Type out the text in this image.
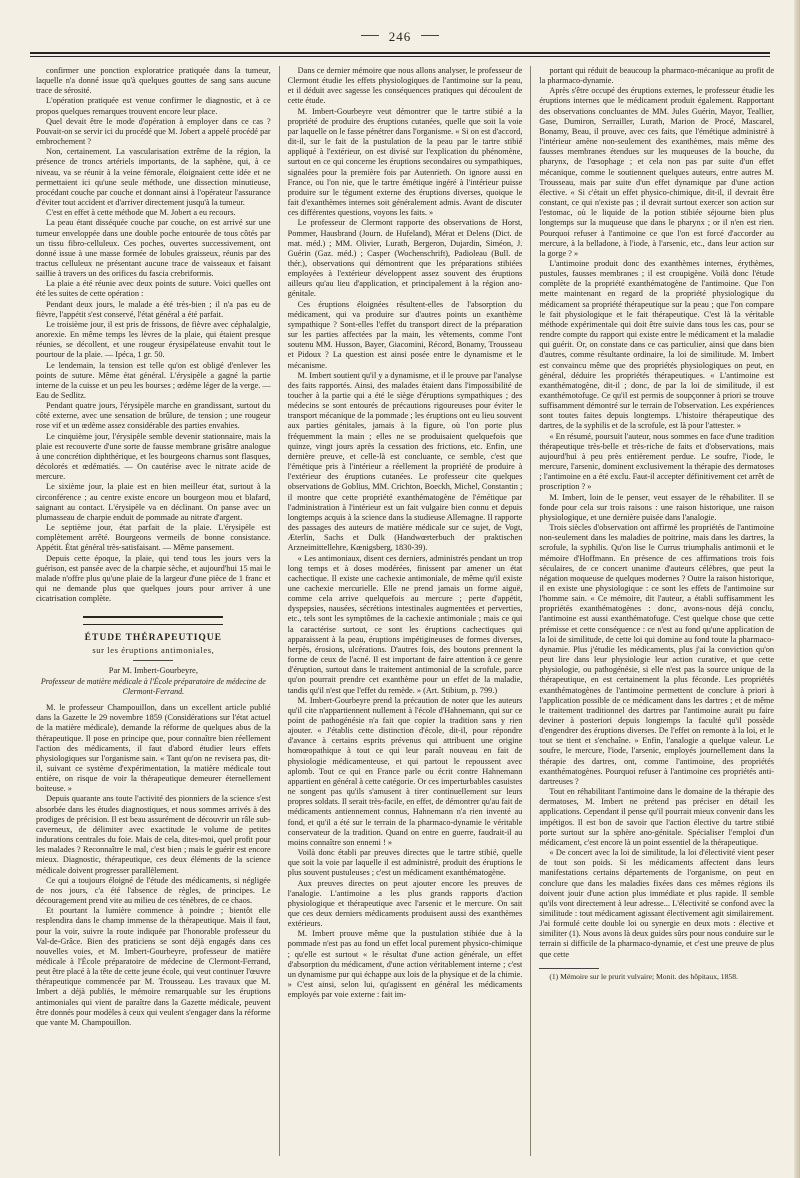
246

confirmer une ponction exploratrice pratiquée dans la tumeur, laquelle n'a donné issue qu'à quelques gouttes de sang sans aucune trace de sérosité.

L'opération pratiquée est venue confirmer le diagnostic, et à ce propos quelques remarques trouvent encore leur place.

Quel devait être le mode d'opération à employer dans ce cas ? Pouvait-on se servir ici du procédé que M. Jobert a appelé procédé par embrochement ?

Non, certainement. La vascularisation extrême de la région, la présence de troncs artériels importants, de la saphène, qui, à ce niveau, va se réunir à la veine fémorale, éloignaient cette idée et ne permettaient ici qu'une seule méthode, une dissection minutieuse, procédant couche par couche et donnant ainsi à l'opérateur l'assurance d'éviter tout accident et d'arriver directement jusqu'à la tumeur.

C'est en effet à cette méthode que M. Jobert a eu recours.

La peau étant disséquée couche par couche, on est arrivé sur une tumeur enveloppée dans une double poche entourée de tous côtés par un tissu fibro-celluleux. Ces poches, ouvertes successivement, ont donné issue à une masse formée de lobules graisseux, réunis par des tractus celluleux ne présentant aucune trace de vaisseaux et faisant saillie à travers un des orifices du fascia crebriformis.

La plaie a été réunie avec deux points de suture. Voici quelles ont été les suites de cette opération :

Pendant deux jours, le malade a été très-bien ; il n'a pas eu de fièvre, l'appétit s'est conservé, l'état général a été parfait.

Le troisième jour, il est pris de frissons, de fièvre avec céphalalgie, anorexie. En même temps les lèvres de la plaie, qui étaient presque réunies, se décollent, et une rougeur érysipélateuse envahit tout le pourtour de la plaie. — Ipéca, 1 gr. 50.

Le lendemain, la tension est telle qu'on est obligé d'enlever les points de suture. Même état général. L'érysipèle a gagné la partie interne de la cuisse et un peu les bourses ; œdème léger de la verge. — Eau de Sedlitz.

Pendant quatre jours, l'érysipèle marche en grandissant, surtout du côté externe, avec une sensation de brûlure, de tension ; une rougeur rose vif et un œdème assez considérable des parties envahies.

Le cinquième jour, l'érysipèle semble devenir stationnaire, mais la plaie est recouverte d'une sorte de fausse membrane grisâtre analogue à une concrétion diphthérique, et les bourgeons charnus sont flasques, décolorés et œdématiés. — On cautérise avec le nitrate acide de mercure.

Le sixième jour, la plaie est en bien meilleur état, surtout à la circonférence ; au centre existe encore un bourgeon mou et blafard, saignant au contact. L'érysipèle va en déclinant. On panse avec un plumasseau de charpie enduit de pommade au nitrate d'argent.

Le septième jour, état parfait de la plaie. L'érysipèle est complètement arrêté. Bourgeons vermeils de bonne consistance. Appétit. État général très-satisfaisant. — Même pansement.

Depuis cette époque, la plaie, qui tend tous les jours vers la guérison, est pansée avec de la charpie sèche, et aujourd'hui 15 mai le malade n'offre plus qu'une plaie de la largeur d'une pièce de 1 franc et qui ne demande plus que quelques jours pour arriver à une cicatrisation complète.

ÉTUDE THÉRAPEUTIQUE
sur les éruptions antimoniales,
Par M. Imbert-Gourbeyre,
Professeur de matière médicale à l'École préparatoire de médecine de Clermont-Ferrand.

M. le professeur Champouillon, dans un excellent article publié dans la Gazette le 29 novembre 1859 (Considérations sur l'état actuel de la matière médicale), demande la réforme de quelques abus de la thérapeutique. Il pose en principe que, pour connaître bien réellement l'action des médicaments, il faut d'abord étudier leurs effets physiologiques sur l'organisme sain. « Tant qu'on ne revisera pas, dit-il, suivant ce système d'expérimentation, la matière médicale tout entière, on risque de voir la thérapeutique demeurer éternellement boiteuse. »

Depuis quarante ans toute l'activité des pionniers de la science s'est absorbée dans les études diagnostiques, et nous sommes arrivés à des prodiges de précision. Il est beau assurément de découvrir un râle sub-caverneux, de délimiter avec exactitude le volume de petites indurations centrales du foie. Mais de cela, dites-moi, quel profit pour les malades ? Reconnaître le mal, c'est bien ; mais le guérir est encore mieux. Diagnostic, thérapeutique, ces deux éléments de la science médicale doivent progresser parallèlement.

Ce qui a toujours éloigné de l'étude des médicaments, si négligée de nos jours, c'a été l'absence de règles, de principes. Le découragement prend vite au milieu de ces ténèbres, de ce chaos.

Et pourtant la lumière commence à poindre ; bientôt elle resplendira dans le champ immense de la thérapeutique. Mais il faut, pour la voir, suivre la route indiquée par l'honorable professeur du Val-de-Grâce. Bien des praticiens se sont déjà engagés dans ces nouvelles voies, et M. Imbert-Gourbeyre, professeur de matière médicale à l'École préparatoire de médecine de Clermont-Ferrand, peut être placé à la tête de cette jeune école, qui veut continuer l'œuvre thérapeutique commencée par M. Trousseau. Les travaux que M. Imbert a déjà publiés, le mémoire remarquable sur les éruptions antimoniales qui vient de paraître dans la Gazette médicale, peuvent être donnés pour modèles à ceux qui veulent s'engager dans la réforme que vante M. Champouillon.

Dans ce dernier mémoire que nous allons analyser, le professeur de Clermont étudie les effets physiologiques de l'antimoine sur la peau, et il déduit avec sagesse les conséquences pratiques qui découlent de cette étude.

M. Imbert-Gourbeyre veut démontrer que le tartre stibié a la propriété de produire des éruptions cutanées, quelle que soit la voie par laquelle on le fasse pénétrer dans l'organisme. « Si on est d'accord, dit-il, sur le fait de la pustulation de la peau par le tartre stibié appliqué à l'extérieur, on est divisé sur l'explication du phénomène, surtout en ce qui concerne les éruptions secondaires ou sympathiques, signalées pour la première fois par Autenrieth. On ignore aussi en France, ou l'on nie, que le tartre émétique ingéré à l'intérieur puisse produire sur le tégument externe des éruptions diverses, quoique le fait d'exanthèmes internes soit généralement admis. Avant de discuter ces différentes questions, voyons les faits. »

Le professeur de Clermont rapporte des observations de Horst, Pommer, Hausbrand (Journ. de Hufeland), Mérat et Delens (Dict. de mat. méd.) ; MM. Olivier, Lurath, Bergeron, Dujardin, Siméon, J. Guérin (Gaz. méd.) ; Casper (Wochenschrift), Padioleau (Bull. de thér.), observations qui démontrent que les préparations stibiées employées à l'extérieur développent assez souvent des éruptions ailleurs qu'au lieu d'application, et principalement à la région ano-génitale.

Ces éruptions éloignées résultent-elles de l'absorption du médicament, qui va produire sur d'autres points un exanthème sympathique ? Sont-elles l'effet du transport direct de la préparation sur les parties affectées par la main, les vêtements, comme l'ont soutenu MM. Husson, Bayer, Giacomini, Récord, Bonamy, Trousseau et Pidoux ? La question est ainsi posée entre le dynamisme et le mécanisme.

M. Imbert soutient qu'il y a dynamisme, et il le prouve par l'analyse des faits rapportés. Ainsi, des malades étaient dans l'impossibilité de toucher à la partie qui a été le siège d'éruptions sympathiques ; des médecins se sont entourés de précautions rigoureuses pour éviter le transport mécanique de la pommade ; les éruptions ont eu lieu souvent aux parties génitales, jamais à la figure, où l'on porte plus fréquemment la main ; elles ne se produisaient quelquefois que quinze, vingt jours après la cessation des frictions, etc. Enfin, une dernière preuve, et celle-là est concluante, ce semble, c'est que l'émétique pris à l'intérieur a réellement la propriété de produire à l'extérieur des éruptions cutanées. Le professeur cite quelques observations de Goblius, MM. Crichton, Boeckh, Michel, Constantin ; il montre que cette propriété exanthématogène de l'émétique par l'administration à l'intérieur est un fait vulgaire bien connu et depuis longtemps acquis à la science dans la studieuse Allemagne. Il rapporte des passages des auteurs de matière médicale sur ce sujet, de Vogt, Æterlin, Sachs et Dulk (Handwœrterbuch der praktischen Arzneimittellehre, Kœnigsberg, 1830-39).

« Les antimoniaux, disent ces derniers, administrés pendant un trop long temps et à doses modérées, finissent par amener un état cachectique. Il existe une cachexie antimoniale, de même qu'il existe une cachexie mercurielle. Elle ne prend jamais un forme aiguë, comme cela arrive quelquefois au mercure ; perte d'appétit, dyspepsies, nausées, sécrétions intestinales augmentées et perverties, etc., tels sont les symptômes de la cachexie antimoniale ; mais ce qui la caractérise surtout, ce sont les éruptions cachectiques qui apparaissent à la peau, éruptions impétigineuses de formes diverses, herpès, érosions, ulcérations. D'autres fois, des boutons prennent la forme de ceux de l'acné. Il est important de faire attention à ce genre d'éruption, surtout dans le traitement antimonial de la scrofule, parce qu'on pourrait prendre cet exanthème pour un effet de la maladie, tandis qu'il n'est que l'effet du remède. » (Art. Stibium, p. 799.)

M. Imbert-Gourbeyre prend la précaution de noter que les auteurs qu'il cite n'appartiennent nullement à l'école d'Hahnemann, qui sur ce point de pathogénésie n'a fait que copier la tradition sans y rien ajouter. « J'établis cette distinction d'école, dit-il, pour répondre d'avance à certains esprits prévenus qui attribuent une origine homœopathique à tout ce qui leur paraît nouveau en fait de physiologie médicamenteuse, et qui partout le repoussent avec aplomb. Tout ce qui en France parle ou écrit contre Hahnemann appartient en général à cette catégorie. Or ces imperturbables casuistes ne songent pas qu'ils s'amusent à tirer continuellement sur leurs propres soldats. Il serait très-facile, en effet, de démontrer qu'au fait de médicaments antiennement connus, Hahnemann n'a rien inventé au fond, et qu'il a été sur le terrain de la pharmaco-dynamie le véritable conservateur de la tradition. Quand on entre en guerre, faudrait-il au moins connaître son ennemi ! »

Voilà donc établi par preuves directes que le tartre stibié, quelle que soit la voie par laquelle il est administré, produit des éruptions le plus souvent pustuleuses ; c'est un médicament exanthématogène.

Aux preuves directes on peut ajouter encore les preuves de l'analogie. L'antimoine a les plus grands rapports d'action physiologique et thérapeutique avec l'arsenic et le mercure. On sait que ces deux derniers médicaments produisent aussi des exanthèmes extérieurs.

M. Imbert prouve même que la pustulation stibiée due à la pommade n'est pas au fond un effet local purement physico-chimique ; qu'elle est surtout « le résultat d'une action générale, un effet d'absorption du médicament, d'une action véritablement interne ; c'est un dynamisme pur qui échappe aux lois de la physique et de la chimie. » C'est ainsi, selon lui, qu'agissent en général les médicaments employés par voie externe : fait im-

portant qui réduit de beaucoup la pharmaco-mécanique au profit de la pharmaco-dynamie.

Après s'être occupé des éruptions externes, le professeur étudie les éruptions internes que le médicament produit également. Rapportant des observations concluantes de MM. Jules Guérin, Mayor, Teallier, Gase, Dumiron, Serrailler, Lurath, Marion de Procé, Mascarel, Bonamy, Beau, il prouve, avec ces faits, que l'émétique administré à l'intérieur amène non-seulement des exanthèmes, mais même des fausses membranes étendues sur les muqueuses de la bouche, du pharynx, de l'œsophage ; et cela non pas par suite d'un effet mécanique, comme le soutiennent quelques auteurs, entre autres M. Trousseau, mais par suite d'un effet dynamique par d'une action élective. « Si c'était un effet physico-chimique, dit-il, il devrait être constant, ce qui n'existe pas ; il devrait surtout exercer son action sur l'estomac, où le liquide de la potion stibiée séjourne bien plus longtemps sur la muqueuse que dans le pharynx ; or il n'en est rien. Pourquoi refuser à l'antimoine ce que l'on est forcé d'accorder au mercure, à la belladone, à l'iode, à l'arsenic, etc., dans leur action sur la gorge ? »

L'antimoine produit donc des exanthèmes internes, érythèmes, pustules, fausses membranes ; il est croupigène. Voilà donc l'étude complète de la propriété exanthématogène de l'antimoine. Que l'on mette maintenant en regard de la propriété physiologique du médicament sa propriété thérapeutique sur la peau ; que l'on compare le fait physiologique et le fait thérapeutique. C'est là la véritable méthode expérimentale qui doit être suivie dans tous les cas, pour se rendre compte du rapport qui existe entre le médicament et la maladie qui guérit. Or, on constate dans ce cas particulier, ainsi que dans bien d'autres, comme résultante ordinaire, la loi de similitude. M. Imbert est convaincu même que des propriétés physiologiques on peut, en général, déduire les propriétés thérapeutiques. « L'antimoine est exanthématogène, dit-il ; donc, de par la loi de similitude, il est exanthémotofuge. Ce qu'il est permis de soupçonner à priori se trouve suffisamment démontré sur le terrain de l'observation. Les expériences sont toutes faites depuis longtemps. L'histoire thérapeutique des dartres, de la syphilis et de la scrofule, est là pour l'attester. »

« En résumé, poursuit l'auteur, nous sommes en face d'une tradition thérapeutique très-belle et très-riche de faits et d'observations, mais aujourd'hui à peu près entièrement perdue. Le soufre, l'iode, le mercure, l'arsenic, dominent exclusivement la thérapie des dermatoses ; l'antimoine en a été exclu. Faut-il accepter définitivement cet arrêt de proscription ? »

M. Imbert, loin de le penser, veut essayer de le réhabiliter. Il se fonde pour cela sur trois raisons : une raison historique, une raison physiologique, et une dernière puisée dans l'analogie.

Trois siècles d'observation ont affirmé les propriétés de l'antimoine non-seulement dans les maladies de poitrine, mais dans les dartres, la scrofule, la syphilis. Qu'on lise le Currus triumphalis antimonii et le mémoire d'Hoffmann. En présence de ces affirmations trois fois séculaires, de ce concert unanime d'auteurs célèbres, que peut la négation moqueuse de quelques modernes ? Outre la raison historique, il en existe une physiologique : ce sont les effets de l'antimoine sur l'homme sain. « Ce mémoire, dit l'auteur, a établi suffisamment les propriétés exanthématogènes : donc, avons-nous déjà conclu, l'antimoine est aussi exanthématofuge. C'est quelque chose que cette prémisse et cette conséquence : ce n'est au fond qu'une application de la loi de similitude, de cette loi qui domine au fond toute la pharmaco-dynamie. Plus j'étudie les médicaments, plus j'ai la conviction qu'on peut lire dans leur physiologie leur action curative, et que cette physiologie, ou pathogénésie, si elle n'est pas la source unique de la thérapeutique, en est certainement la plus féconde. Les propriétés exanthématogènes de l'antimoine permettent de conclure à priori à l'application possible de ce médicament dans les dartres ; et de même le traitement traditionnel des dartres par l'antimoine aurait pu faire deviner à posteriori depuis longtemps la faculté qu'il possède d'engendrer des éruptions diverses. De l'effet on remonte à la loi, et le tout se tient et s'enchaîne. » Enfin, l'analogie a quelque valeur. Le soufre, le mercure, l'iode, l'arsenic, employés journellement dans la thérapie des dartres, ont, comme l'antimoine, des propriétés exanthématogènes. Pourquoi refuser à l'antimoine ces propriétés anti-dartreuses ?

Tout en réhabilitant l'antimoine dans le domaine de la thérapie des dermatoses, M. Imbert ne prétend pas préciser en détail les applications. Cependant il pense qu'il pourrait mieux convenir dans les impétigos. Il est bon de savoir que l'action élective du tartre stibié porte surtout sur la sphère ano-génitale. Spécialiser l'emploi d'un médicament, c'est encore là un point essentiel de la thérapeutique.

« De concert avec la loi de similitude, la loi d'électivité vient peser de tout son poids. Si les médicaments affectent dans leurs manifestations certains départements de l'organisme, on peut en conclure que dans les maladies fixées dans ces mêmes régions ils doivent jouir d'une action plus immédiate et plus rapide. Il semble qu'ils vont directement à leur adresse... L'électivité se confond avec la similitude : tout médicament agissant électivement agit similairement. J'ai formulé cette double loi ou synergie en deux mots : élective et similiter (1). Nous avons là deux guides sûrs pour nous conduire sur le terrain si difficile de la pharmaco-dynamie, et c'est une preuve de plus que cette

(1) Mémoire sur le prurit vulvaire; Monit. des hôpitaux, 1858.
